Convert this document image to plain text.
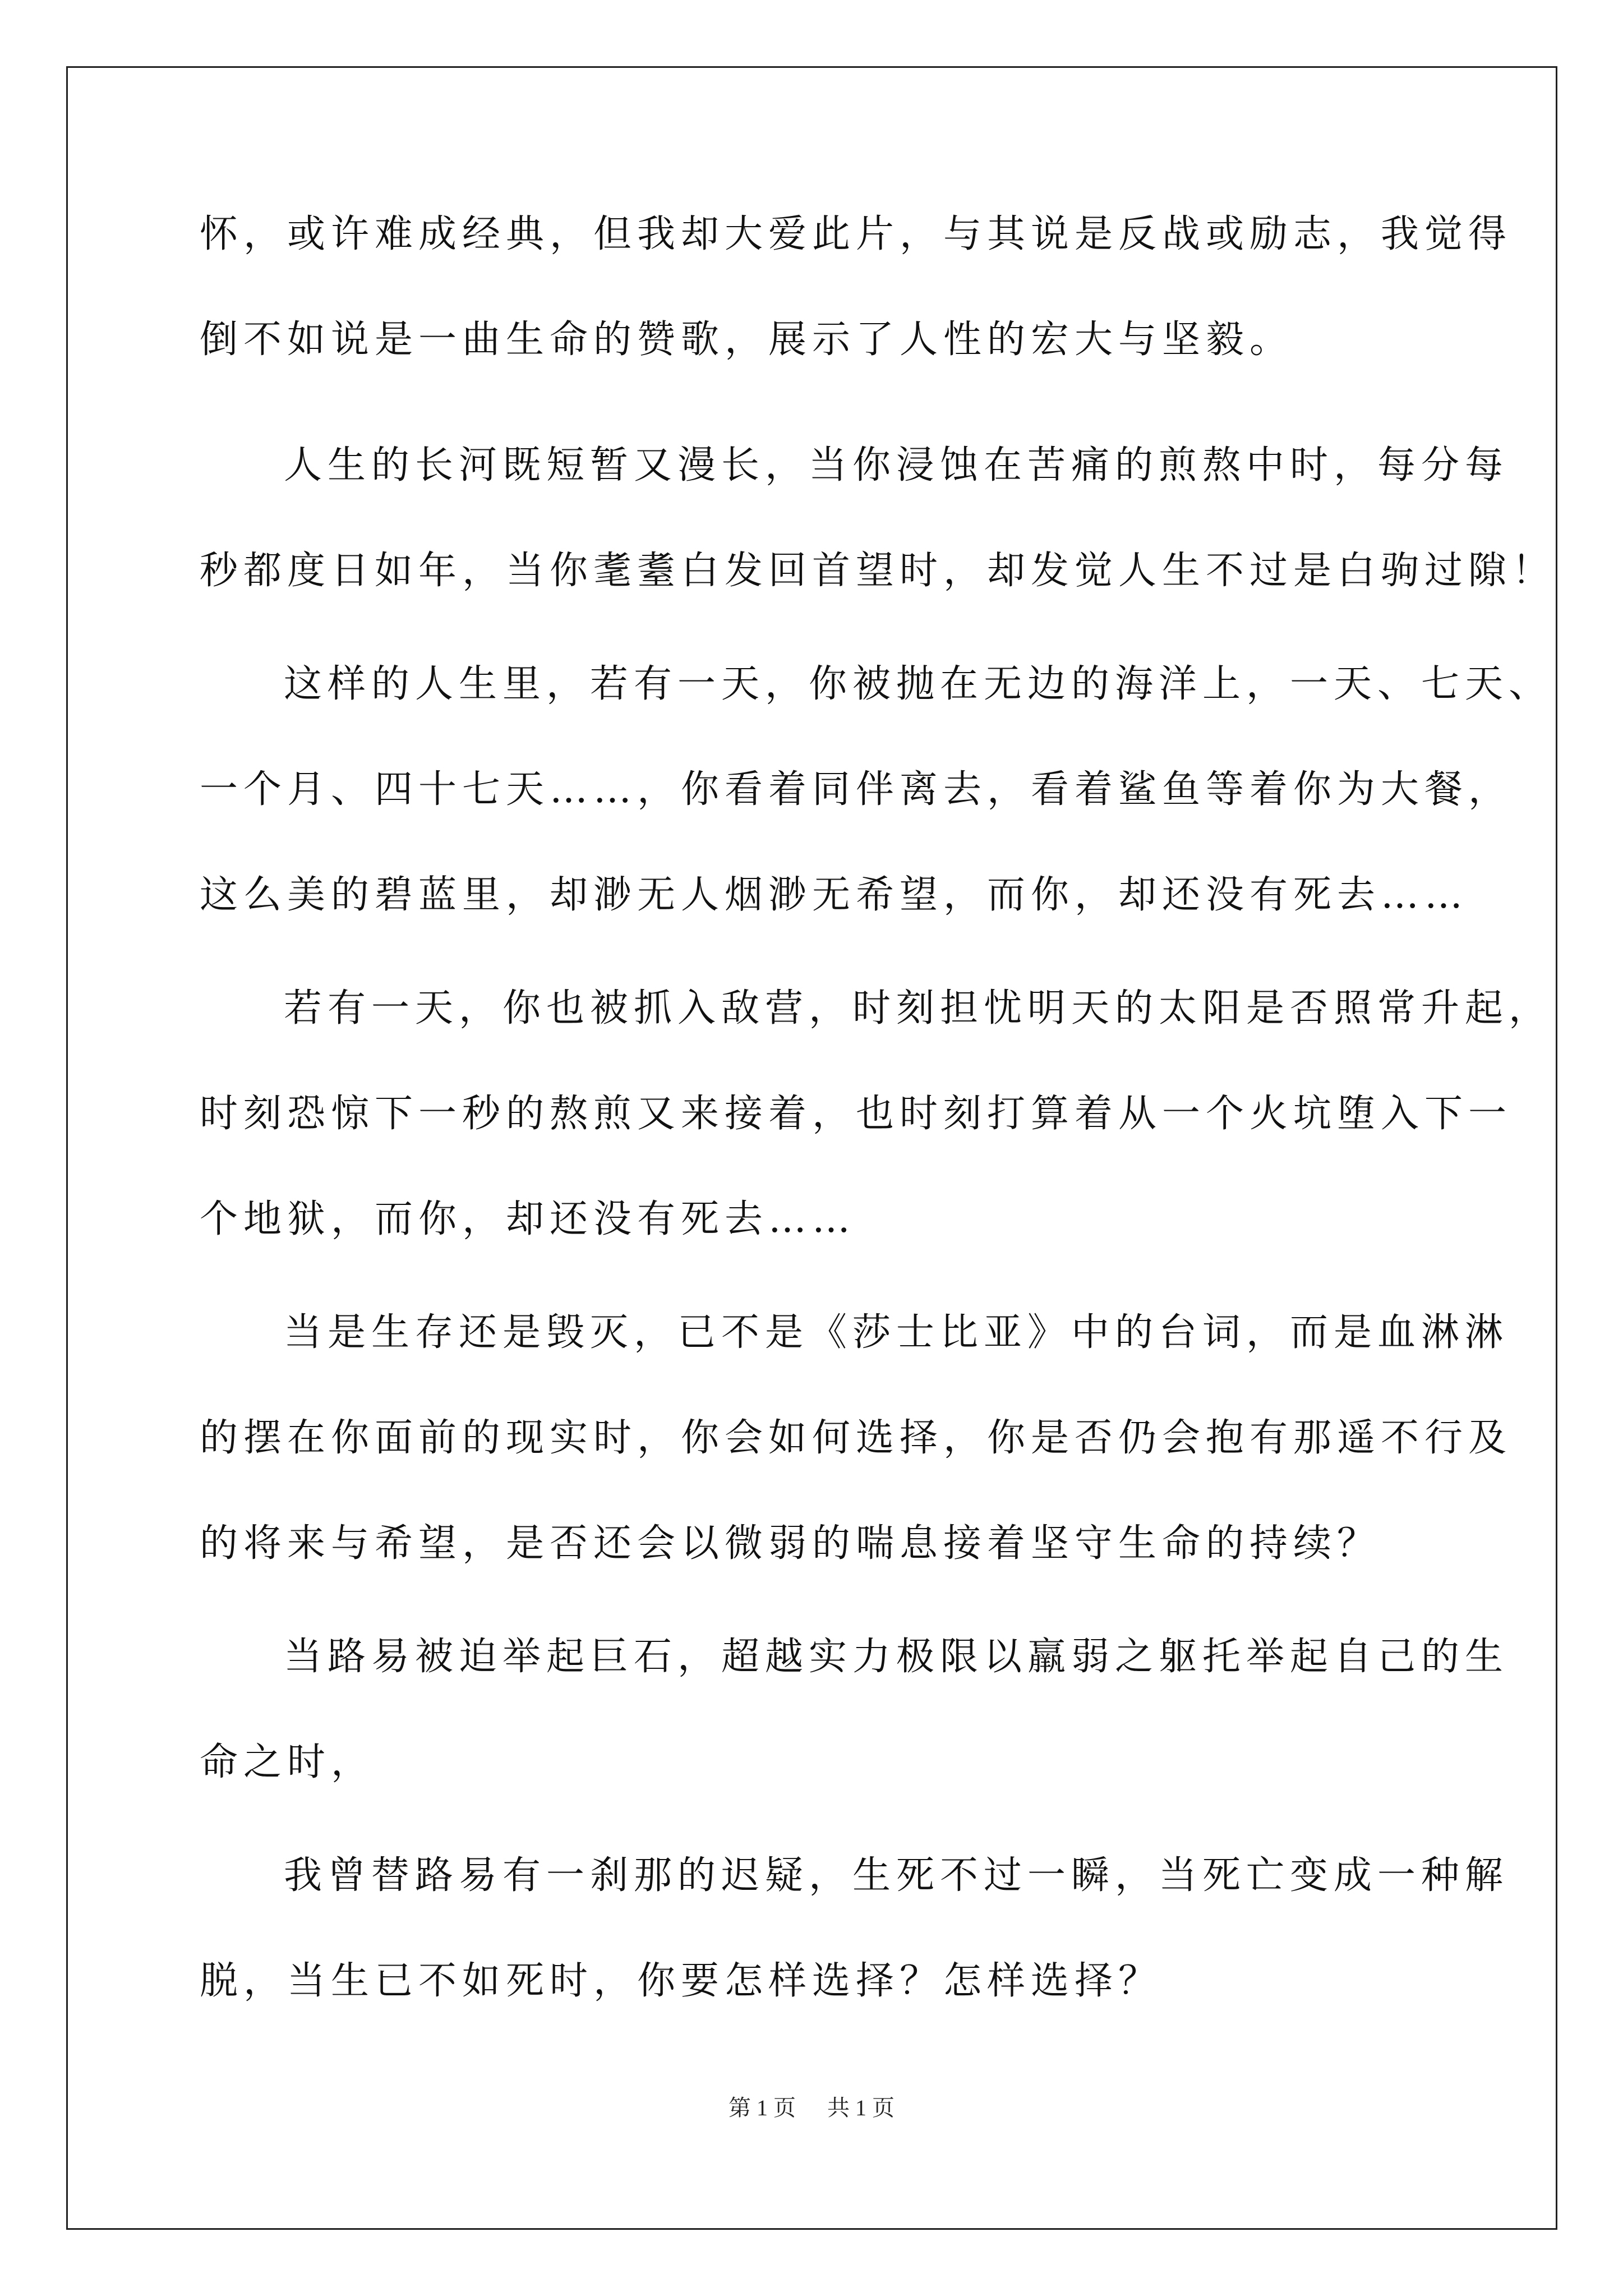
怀，或许难成经典，但我却大爱此片，与其说是反战或励志，我觉得
倒不如说是一曲生命的赞歌，展示了人性的宏大与坚毅。
人生的长河既短暂又漫长，当你浸蚀在苦痛的煎熬中时，每分每
秒都度日如年，当你耄耋白发回首望时，却发觉人生不过是白驹过隙！
这样的人生里，若有一天，你被抛在无边的海洋上，一天、七天、
一个月、四十七天……，你看着同伴离去，看着鲨鱼等着你为大餐，
这么美的碧蓝里，却渺无人烟渺无希望，而你，却还没有死去……
若有一天，你也被抓入敌营，时刻担忧明天的太阳是否照常升起，
时刻恐惊下一秒的熬煎又来接着，也时刻打算着从一个火坑堕入下一
个地狱，而你，却还没有死去……
当是生存还是毁灭，已不是《莎士比亚》中的台词，而是血淋淋
的摆在你面前的现实时，你会如何选择，你是否仍会抱有那遥不行及
的将来与希望，是否还会以微弱的喘息接着坚守生命的持续？
当路易被迫举起巨石，超越实力极限以羸弱之躯托举起自己的生
命之时，
我曾替路易有一刹那的迟疑，生死不过一瞬，当死亡变成一种解
脱，当生已不如死时，你要怎样选择？怎样选择？
第 1 页 共 1 页
